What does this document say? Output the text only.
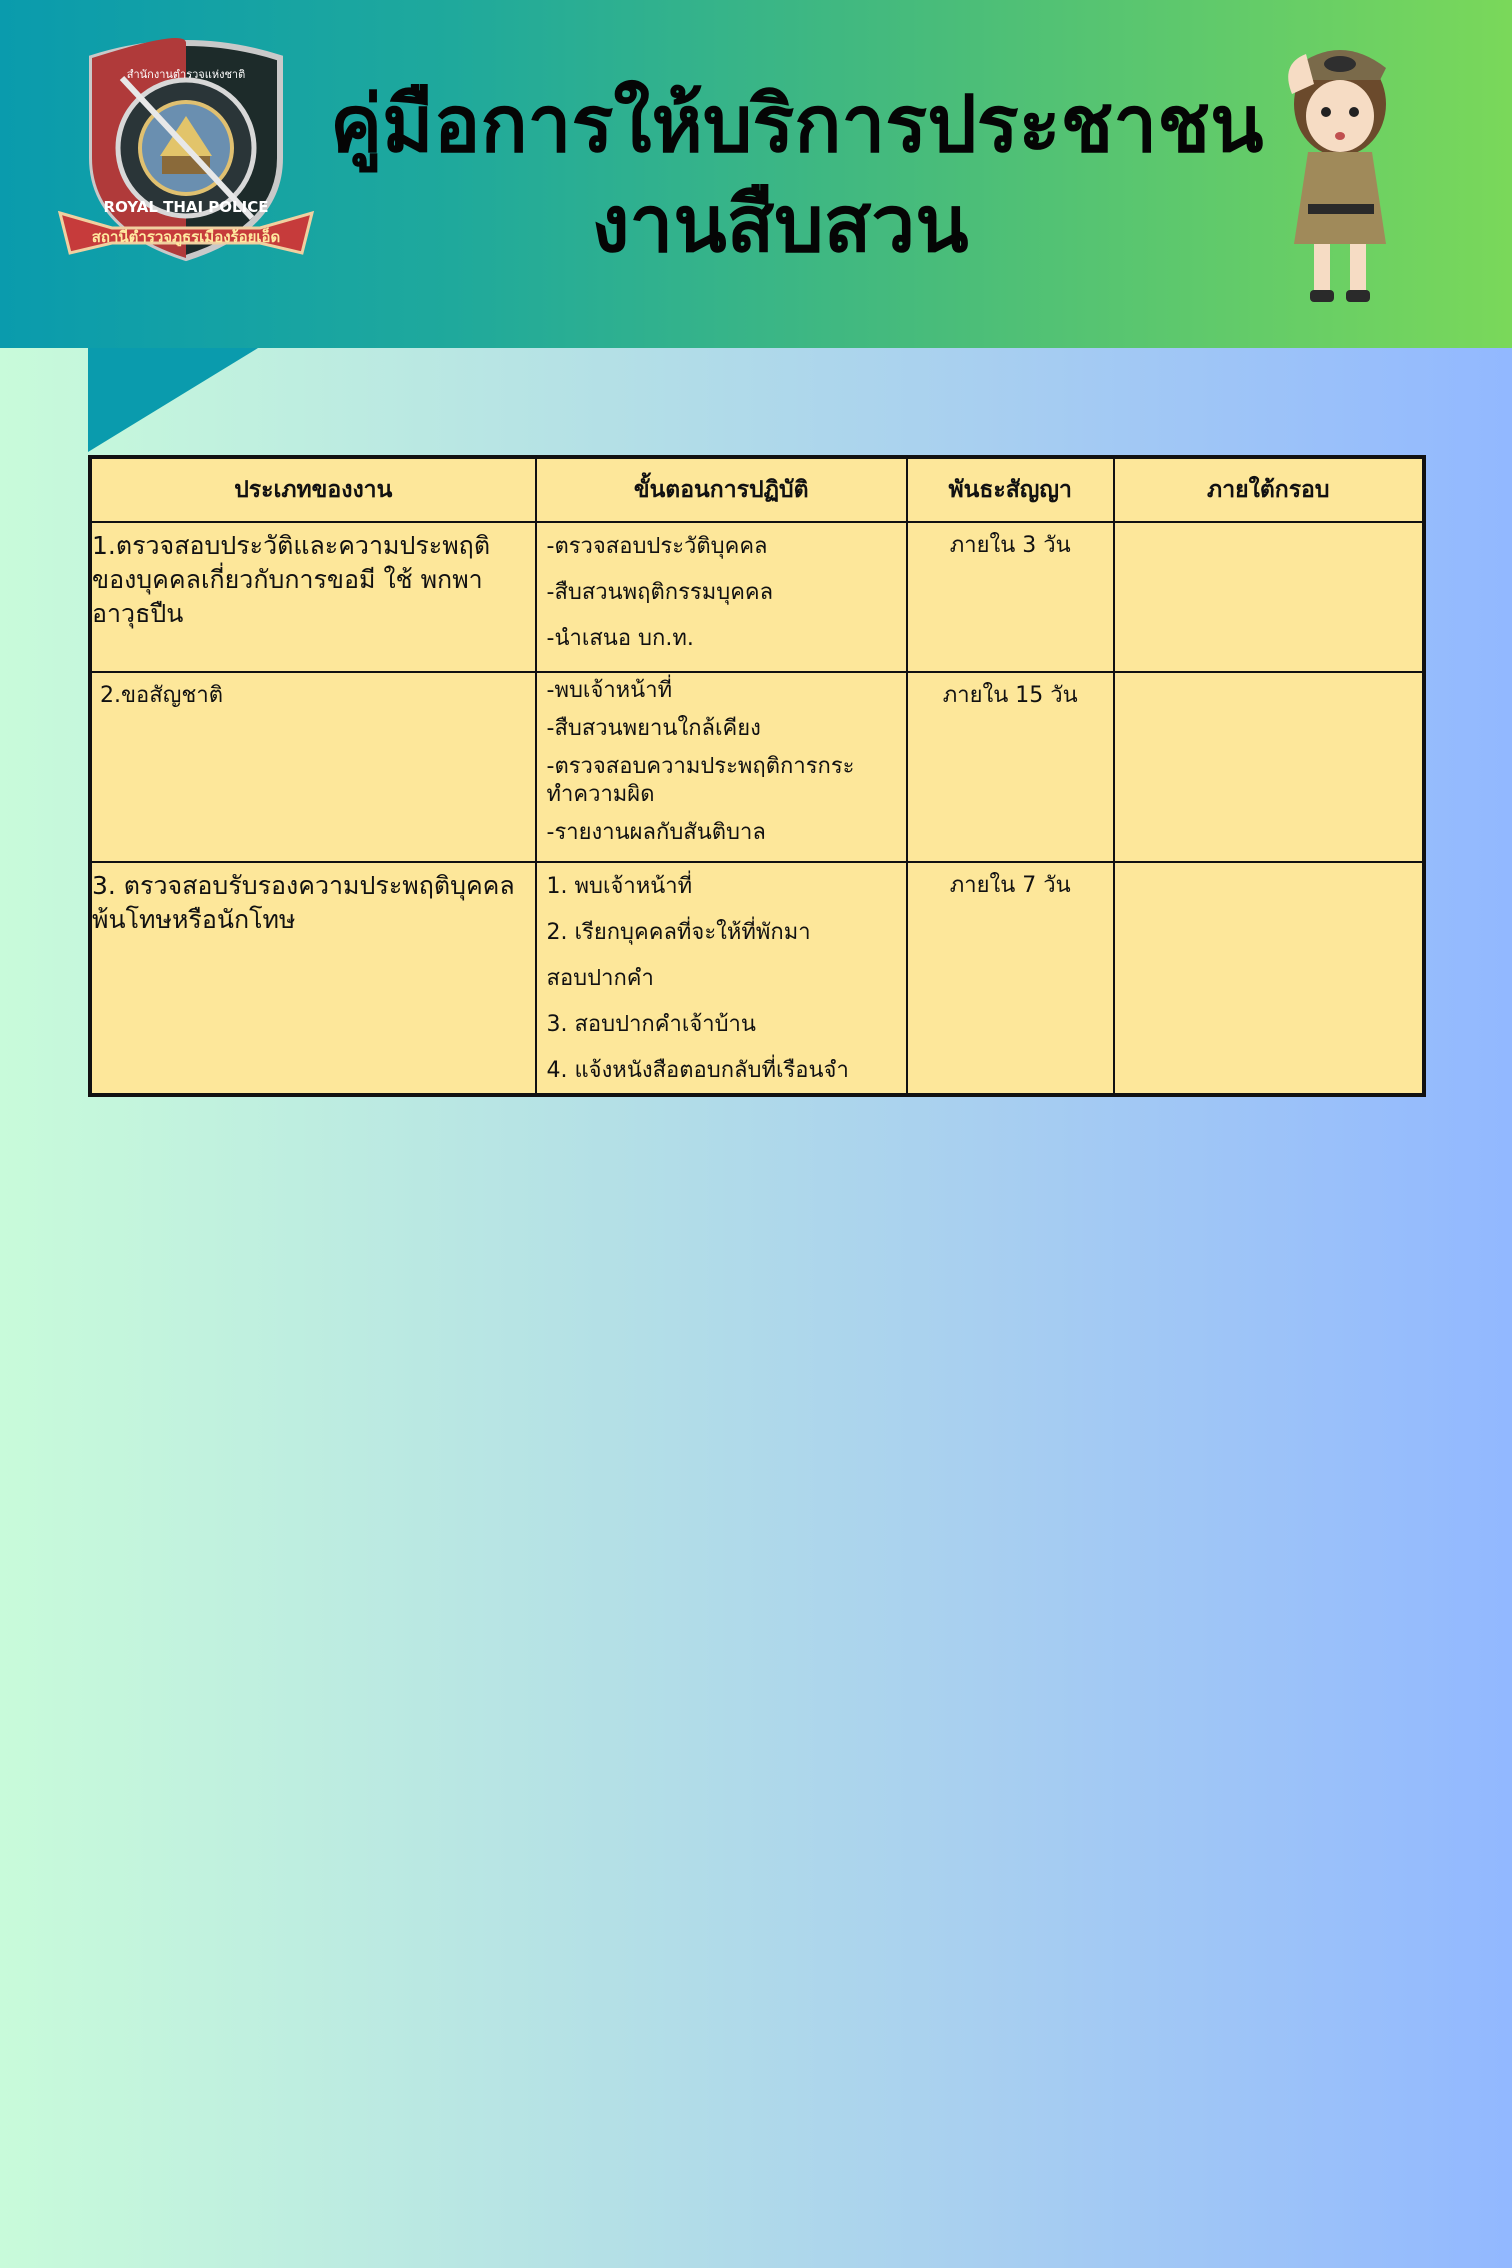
ROYAL THAI POLICE
สำนักงานตำรวจแห่งชาติ
สถานีตำรวจภูธรเมืองร้อยเอ็ด
คู่มือการให้บริการประชาชน
งานสืบสวน
ประเภทของงาน	ขั้นตอนการปฏิบัติ	พันธะสัญญา	ภายใต้กรอบ

1.ตรวจสอบประวัติและความประพฤติของบุคคลเกี่ยวกับการขอมี ใช้ พกพาอาวุธปืน	-ตรวจสอบประวัติบุคคล
-สืบสวนพฤติกรรมบุคคล
-นำเสนอ บก.ท.	ภายใน 3 วัน	

2.ขอสัญชาติ	-พบเจ้าหน้าที่
-สืบสวนพยานใกล้เคียง
-ตรวจสอบความประพฤติการกระทำความผิด
-รายงานผลกับสันติบาล	ภายใน 15 วัน	

3. ตรวจสอบรับรองความประพฤติบุคคลพ้นโทษหรือนักโทษ	1. พบเจ้าหน้าที่
2. เรียกบุคคลที่จะให้ที่พักมา
สอบปากคำ
3. สอบปากคำเจ้าบ้าน
4. แจ้งหนังสือตอบกลับที่เรือนจำ	ภายใน 7 วัน	
